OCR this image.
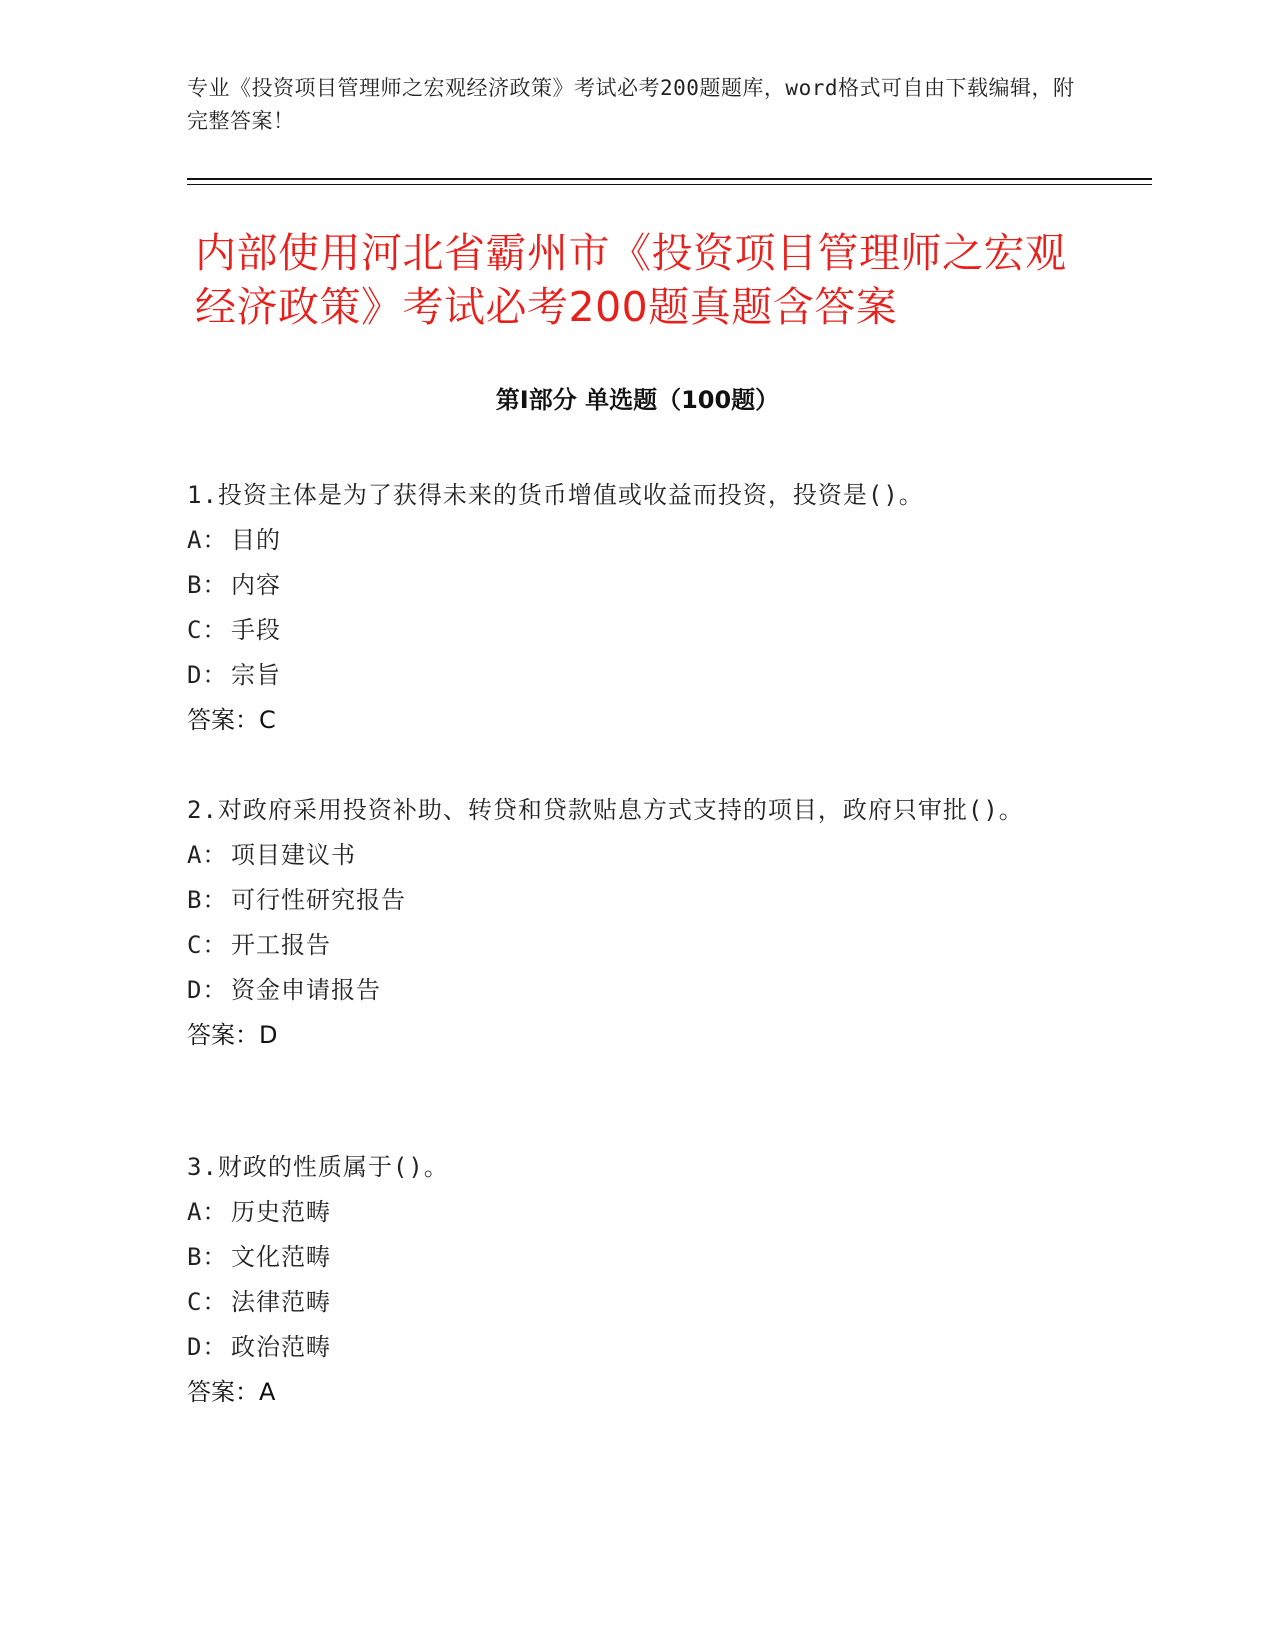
专业《投资项目管理师之宏观经济政策》考试必考200题题库，word格式可自由下载编辑，附完整答案！
内部使用河北省霸州市《投资项目管理师之宏观经济政策》考试必考200题真题含答案
第Ⅰ部分 单选题（100题）

1.投资主体是为了获得未来的货币增值或收益而投资，投资是()。

A： 目的

B： 内容

C： 手段

D： 宗旨

答案： C

2.对政府采用投资补助、转贷和贷款贴息方式支持的项目，政府只审批()。

A： 项目建议书

B： 可行性研究报告

C： 开工报告

D： 资金申请报告

答案： D

3.财政的性质属于()。

A： 历史范畴

B： 文化范畴

C： 法律范畴

D： 政治范畴

答案： A
